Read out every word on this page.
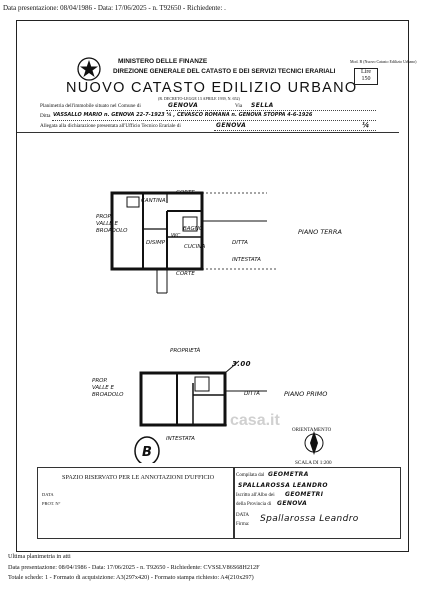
Data presentazione: 08/04/1986 - Data: 17/06/2025 - n. T92650 - Richiedente: .
Mod. B (Nuovo Catasto Edilizio Urbano)
MINISTERO DELLE FINANZE
DIREZIONE GENERALE DEL CATASTO E DEI SERVIZI TECNICI ERARIALI
NUOVO CATASTO EDILIZIO URBANO
(R. DECRETO-LEGGE 13 APRILE 1939, N. 652)
Lire
150
Planimetria dell'immobile situato nel Comune di	GENOVA	Via SELLA
Ditta VASSALLO MARIO n. GENOVA 22-7-1923 ¼ , CEVASCO ROMANA n. GENOVA STOPPA 4-6-1926
Allegata alla dichiarazione presentata all'Ufficio Tecnico Erariale di	GENOVA	¼
CORTE
CANTINA
PROP. VALLE E BROADOLO	BAGNO
WC
CUCINA
DISIMP
CORTE
PIANO TERRA
DITTA
INTESTATA
PROPRIETÀ
3.00
PROP. VALLE E BROADOLO	PIANO PRIMO
DITTA
INTESTATA
B
ORIENTAMENTO
SCALA DI 1:200
casa.it
SPAZIO RISERVATO PER LE ANNOTAZIONI D'UFFICIO
DATA
PROT. N°
Compilata dal GEOMETRA
SPALLAROSSA LEANDRO
Iscritto all'Albo dei GEOMETRI
della Provincia di GENOVA
DATA
Firma:
Spallarossa Leandro
Ultima planimetria in atti
Data presentazione: 08/04/1986 - Data: 17/06/2025 - n. T92650 - Richiedente: CVSSLV86S68H212F
Totale schede: 1 - Formato di acquisizione: A3(297x420) - Formato stampa richiesto: A4(210x297)
